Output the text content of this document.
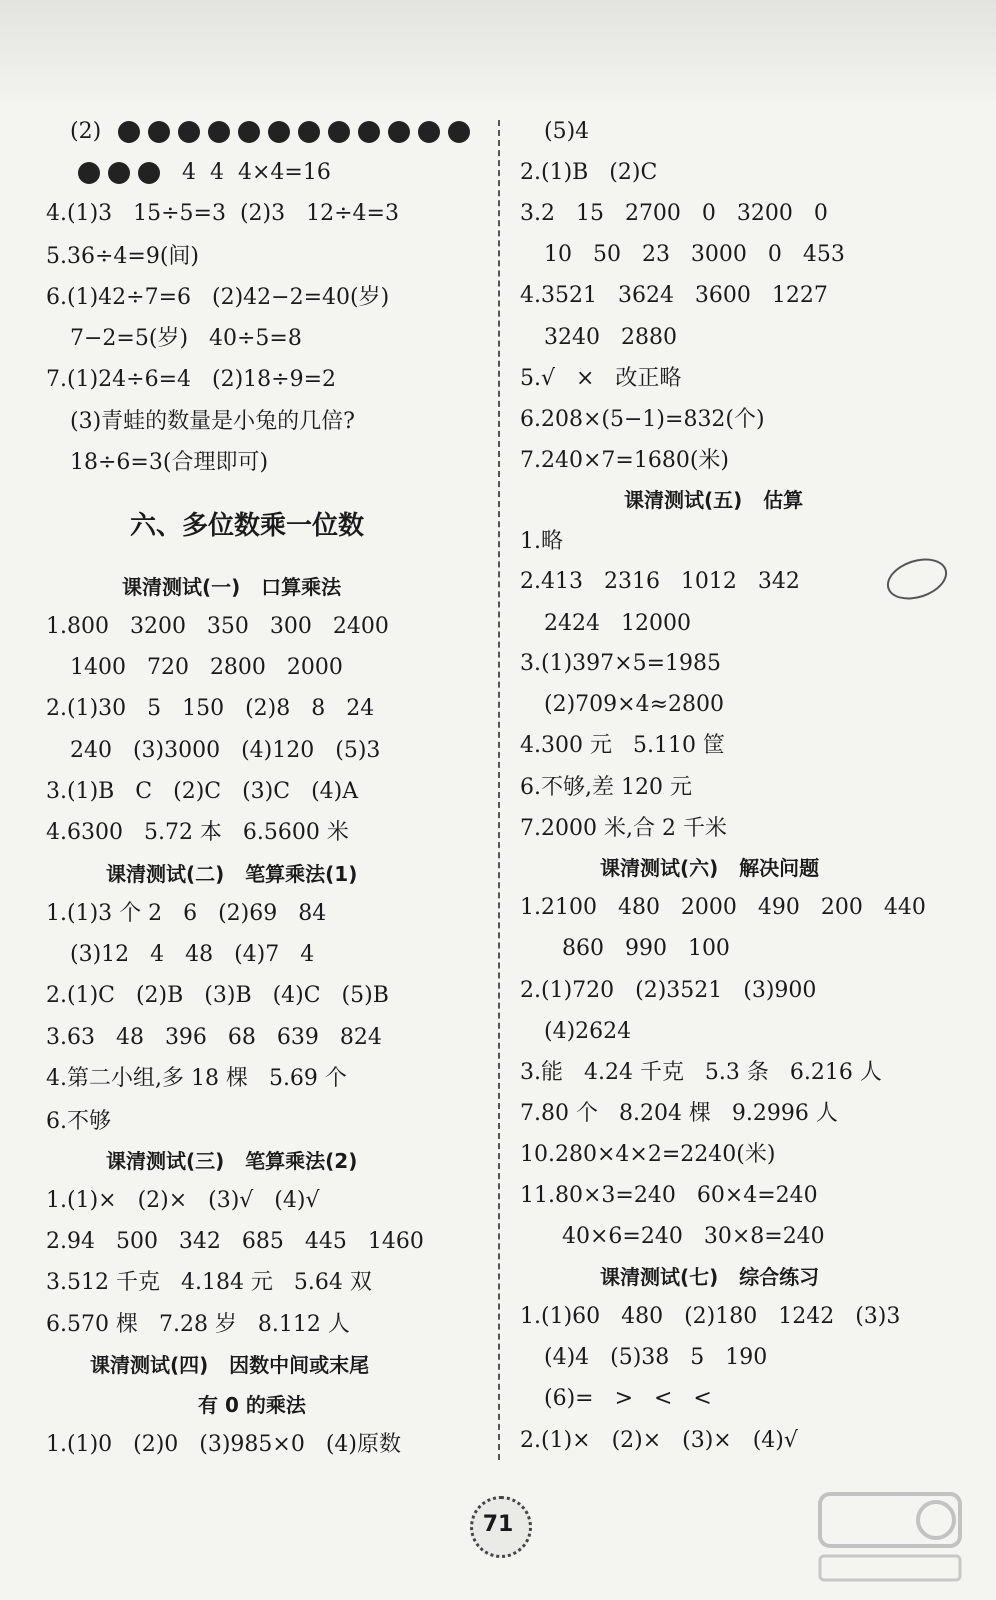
(2)
4  4  4×4=16
4.(1)3   15÷5=3  (2)3   12÷4=3
5.36÷4=9(间)
6.(1)42÷7=6   (2)42−2=40(岁)
7−2=5(岁)   40÷5=8
7.(1)24÷6=4   (2)18÷9=2
(3)青蛙的数量是小兔的几倍?
18÷6=3(合理即可)
六、多位数乘一位数
课清测试(一)   口算乘法
1.800   3200   350   300   2400
1400   720   2800   2000
2.(1)30   5   150   (2)8   8   24
240   (3)3000   (4)120   (5)3
3.(1)B   C   (2)C   (3)C   (4)A
4.6300   5.72 本   6.5600 米
课清测试(二)   笔算乘法(1)
1.(1)3 个 2   6   (2)69   84
(3)12   4   48   (4)7   4
2.(1)C   (2)B   (3)B   (4)C   (5)B
3.63   48   396   68   639   824
4.第二小组,多 18 棵   5.69 个
6.不够
课清测试(三)   笔算乘法(2)
1.(1)×   (2)×   (3)√   (4)√
2.94   500   342   685   445   1460
3.512 千克   4.184 元   5.64 双
6.570 棵   7.28 岁   8.112 人
课清测试(四)   因数中间或末尾
有 0 的乘法
1.(1)0   (2)0   (3)985×0   (4)原数
(5)4
2.(1)B   (2)C
3.2   15   2700   0   3200   0
10   50   23   3000   0   453
4.3521   3624   3600   1227
3240   2880
5.√   ×   改正略
6.208×(5−1)=832(个)
7.240×7=1680(米)
课清测试(五)   估算
1.略
2.413   2316   1012   342
2424   12000
3.(1)397×5=1985
(2)709×4≈2800
4.300 元   5.110 筐
6.不够,差 120 元
7.2000 米,合 2 千米
课清测试(六)   解决问题
1.2100   480   2000   490   200   440
860   990   100
2.(1)720   (2)3521   (3)900
(4)2624
3.能   4.24 千克   5.3 条   6.216 人
7.80 个   8.204 棵   9.2996 人
10.280×4×2=2240(米)
11.80×3=240   60×4=240
40×6=240   30×8=240
课清测试(七)   综合练习
1.(1)60   480   (2)180   1242   (3)3
(4)4   (5)38   5   190
(6)=   >   <   <
2.(1)×   (2)×   (3)×   (4)√
71
